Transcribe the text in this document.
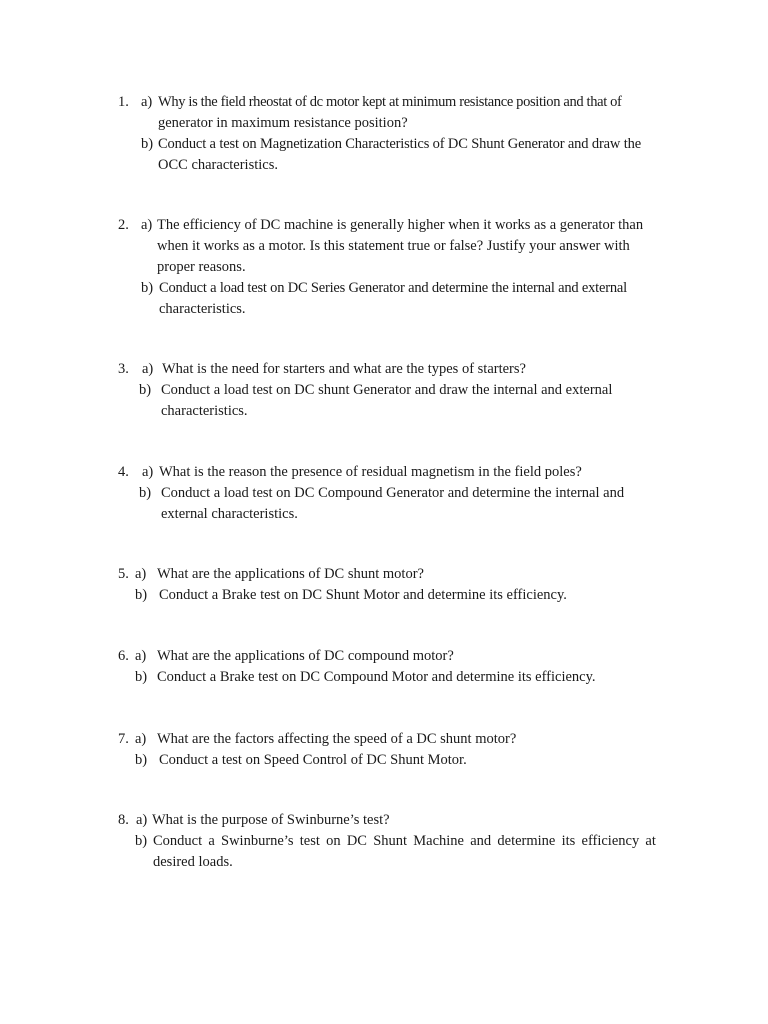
1. a) Why is the field rheostat of dc motor kept at minimum resistance position and that of
generator in maximum resistance position?
b) Conduct a test on Magnetization Characteristics of DC Shunt Generator and draw the
OCC characteristics.
2. a) The efficiency of DC machine is generally higher when it works as a generator than
when it works as a motor. Is this statement true or false? Justify your answer with
proper reasons.
b) Conduct a load test on DC Series Generator and determine the internal and external
characteristics.
3. a) What is the need for starters and what are the types of starters?
b) Conduct a load test on DC shunt Generator and draw the internal and external
characteristics.
4. a) What is the reason the presence of residual magnetism in the field poles?
b) Conduct a load test on DC Compound Generator and determine the internal and
external characteristics.
5. a) What are the applications of DC shunt motor?
b) Conduct a Brake test on DC Shunt Motor and determine its efficiency.
6. a) What are the applications of DC compound motor?
b) Conduct a Brake test on DC Compound Motor and determine its efficiency.
7. a) What are the factors affecting the speed of a DC shunt motor?
b) Conduct a test on Speed Control of DC Shunt Motor.
8. a) What is the purpose of Swinburne’s test?
b) Conduct a Swinburne’s test on DC Shunt Machine and determine its efficiency at
desired loads.
